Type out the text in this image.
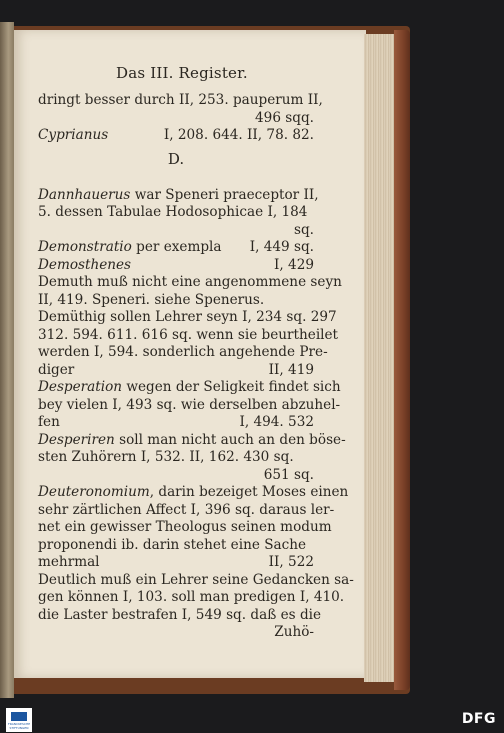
Das III. Register.
dringt besser durch II, 253. pauperum II,
496 sqq.
Cyprianus	I, 208. 644. II, 78. 82.
D.
Dannhauerus war Speneri praeceptor II,
5. dessen Tabulae Hodosophicae I, 184
sq.
Demonstratio per exempla I, 449 sq.
Demosthenes	I, 429
Demuth muß nicht eine angenommene seyn
II, 419. Speneri. siehe Spenerus.
Demüthig sollen Lehrer seyn I, 234 sq. 297
312. 594. 611. 616 sq. wenn sie beurtheilet
werden I, 594. sonderlich angehende Pre-
diger	II, 419
Desperation wegen der Seligkeit findet sich
bey vielen I, 493 sq. wie derselben abzuhel-
fen	I, 494. 532
Desperiren soll man nicht auch an den böse-
sten Zuhörern I, 532. II, 162. 430 sq.
651 sq.
Deuteronomium, darin bezeiget Moses einen
sehr zärtlichen Affect I, 396 sq. daraus ler-
net ein gewisser Theologus seinen modum
proponendi ib. darin stehet eine Sache
mehrmal	II, 522
Deutlich muß ein Lehrer seine Gedancken sa-
gen können I, 103. soll man predigen I, 410.
die Laster bestrafen I, 549 sq. daß es die
Zuhö-
FRANCKESCHE STIFTUNGEN
DFG
